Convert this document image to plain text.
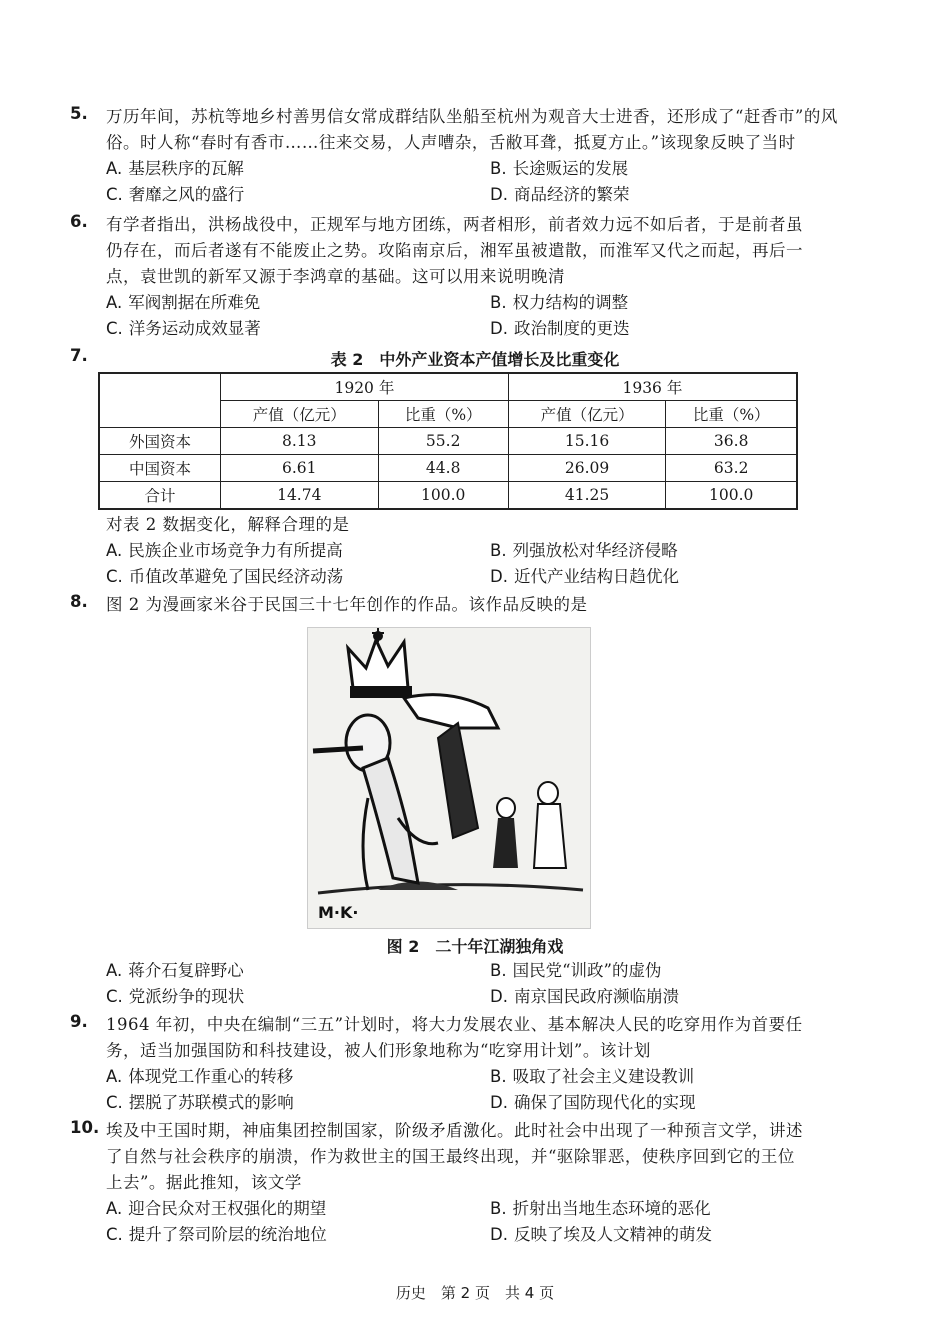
5.	万历年间，苏杭等地乡村善男信女常成群结队坐船至杭州为观音大士进香，还形成了“赶香市”的风
俗。时人称“春时有香市……往来交易，人声嘈杂，舌敝耳聋，抵夏方止。”该现象反映了当时
A. 基层秩序的瓦解	B. 长途贩运的发展
C. 奢靡之风的盛行	D. 商品经济的繁荣
6.	有学者指出，洪杨战役中，正规军与地方团练，两者相形，前者效力远不如后者，于是前者虽
仍存在，而后者遂有不能废止之势。攻陷南京后，湘军虽被遣散，而淮军又代之而起，再后一
点，袁世凯的新军又源于李鸿章的基础。这可以用来说明晚清
A. 军阀割据在所难免	B. 权力结构的调整
C. 洋务运动成效显著	D. 政治制度的更迭
7.	表 2　中外产业资本产值增长及比重变化
	1920 年		1936 年	
	产值（亿元）	比重（%）	产值（亿元）	比重（%）
外国资本	8.13	55.2	15.16	36.8
中国资本	6.61	44.8	26.09	63.2
合计	14.74	100.0	41.25	100.0
对表 2 数据变化，解释合理的是
A. 民族企业市场竞争力有所提高	B. 列强放松对华经济侵略
C. 币值改革避免了国民经济动荡	D. 近代产业结构日趋优化
8.	图 2 为漫画家米谷于民国三十七年创作的作品。该作品反映的是
M·K·
图 2　二十年江湖独角戏
A. 蒋介石复辟野心	B. 国民党“训政”的虚伪
C. 党派纷争的现状	D. 南京国民政府濒临崩溃
9.	1964 年初，中央在编制“三五”计划时，将大力发展农业、基本解决人民的吃穿用作为首要任
务，适当加强国防和科技建设，被人们形象地称为“吃穿用计划”。该计划
A. 体现党工作重心的转移	B. 吸取了社会主义建设教训
C. 摆脱了苏联模式的影响	D. 确保了国防现代化的实现
10. 埃及中王国时期，神庙集团控制国家，阶级矛盾激化。此时社会中出现了一种预言文学，讲述
了自然与社会秩序的崩溃，作为救世主的国王最终出现，并“驱除罪恶，使秩序回到它的王位
上去”。据此推知，该文学
A. 迎合民众对王权强化的期望	B. 折射出当地生态环境的恶化
C. 提升了祭司阶层的统治地位	D. 反映了埃及人文精神的萌发
历史　第 2 页　共 4 页
